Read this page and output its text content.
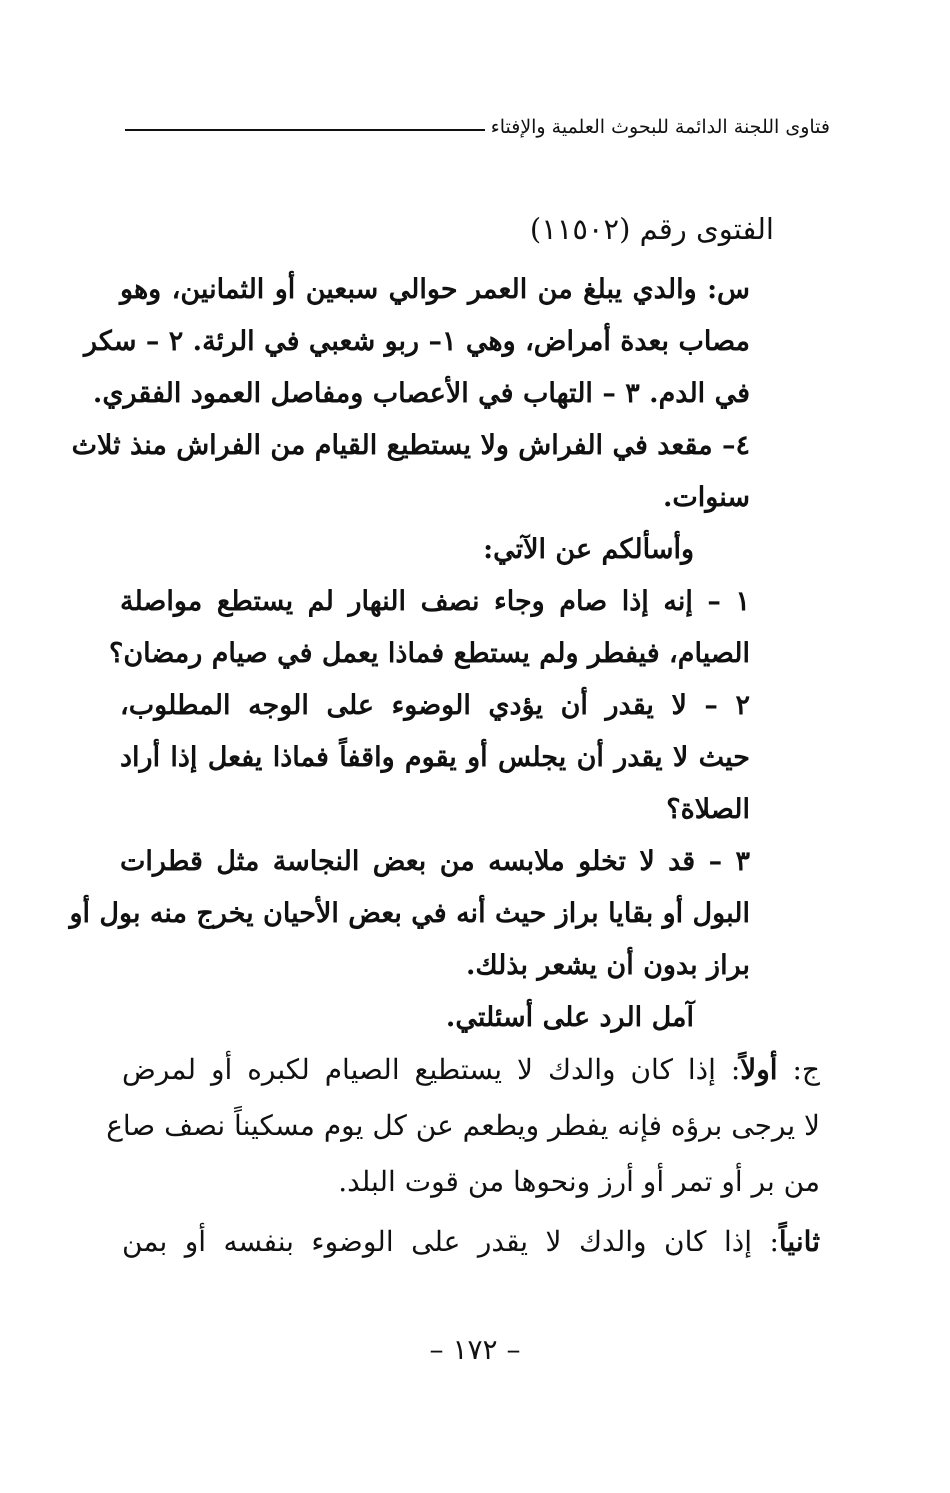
فتاوى اللجنة الدائمة للبحوث العلمية والإفتاء
الفتوى رقم (١١٥٠٢)
س: والدي يبلغ من العمر حوالي سبعين أو الثمانين، وهو
مصاب بعدة أمراض، وهي ١– ربو شعبي في الرئة. ٢ – سكر
في الدم. ٣ – التهاب في الأعصاب ومفاصل العمود الفقري.
٤– مقعد في الفراش ولا يستطيع القيام من الفراش منذ ثلاث
سنوات.
وأسألكم عن الآتي:
١ – إنه إذا صام وجاء نصف النهار لم يستطع مواصلة
الصيام، فيفطر ولم يستطع فماذا يعمل في صيام رمضان؟
٢ – لا يقدر أن يؤدي الوضوء على الوجه المطلوب،
حيث لا يقدر أن يجلس أو يقوم واقفاً فماذا يفعل إذا أراد
الصلاة؟
٣ – قد لا تخلو ملابسه من بعض النجاسة مثل قطرات
البول أو بقايا براز حيث أنه في بعض الأحيان يخرج منه بول أو
براز بدون أن يشعر بذلك.
آمل الرد على أسئلتي.
ج: أولاً: إذا كان والدك لا يستطيع الصيام لكبره أو لمرض
لا يرجى برؤه فإنه يفطر ويطعم عن كل يوم مسكيناً نصف صاع
من بر أو تمر أو أرز ونحوها من قوت البلد.
ثانياً: إذا كان والدك لا يقدر على الوضوء بنفسه أو بمن
– ١٧٢ –
